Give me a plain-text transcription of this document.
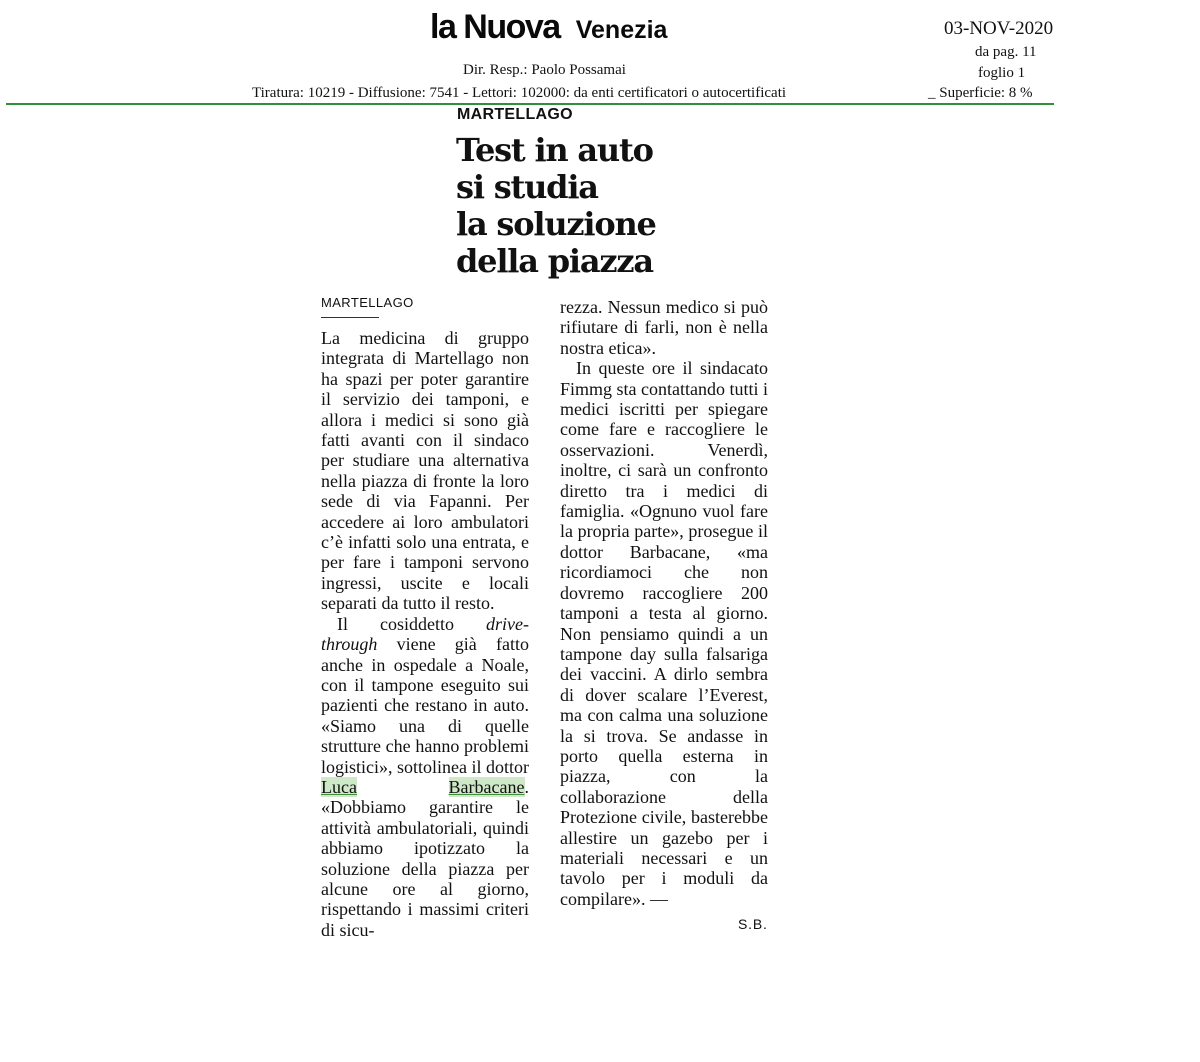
la Nuova Venezia	03-NOV-2020
da pag. 11
foglio 1
Dir. Resp.: Paolo Possamai
Tiratura: 10219 - Diffusione: 7541 - Lettori: 102000: da enti certificatori o autocertificati	_ Superficie: 8 %
MARTELLAGO
Test in auto
si studia
la soluzione
della piazza
MARTELLAGO

La medicina di gruppo integrata di Martellago non ha spazi per poter garantire il servizio dei tamponi, e allora i medici si sono già fatti avanti con il sindaco per studiare una alternativa nella piazza di fronte la loro sede di via Fapanni. Per accedere ai loro ambulatori c’è infatti solo una entrata, e per fare i tamponi servono ingressi, uscite e locali separati da tutto il resto.

Il cosiddetto drive-through viene già fatto anche in ospedale a Noale, con il tampone eseguito sui pazienti che restano in auto. «Siamo una di quelle strutture che hanno problemi logistici», sottolinea il dottor Luca	Barbacane. «Dobbiamo garantire le attività ambulatoriali, quindi abbiamo ipotizzato la soluzione della piazza per alcune ore al giorno, rispettando i massimi criteri di sicu-

rezza. Nessun medico si può rifiutare di farli, non è nella nostra etica».

In queste ore il sindacato Fimmg sta contattando tutti i medici iscritti per spiegare come fare e raccogliere le osservazioni. Venerdì, inoltre, ci sarà un confronto diretto tra i medici di famiglia. «Ognuno vuol fare la propria parte», prosegue il dottor Barbacane, «ma ricordiamoci che non dovremo raccogliere 200 tamponi a testa al giorno. Non pensiamo quindi a un tampone day sulla falsariga dei vaccini. A dirlo sembra di dover scalare l’Everest, ma con calma una soluzione la si trova. Se andasse in porto quella esterna in piazza, con la collaborazione della Protezione civile, basterebbe allestire un gazebo per i materiali necessari e un tavolo per i moduli da compilare». —

S.B.
